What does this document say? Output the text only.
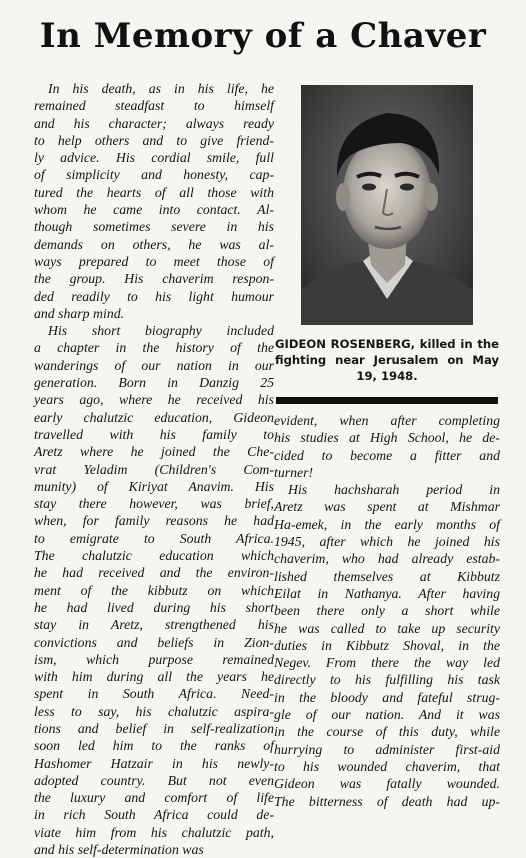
In Memory of a Chaver

GIDEON ROSENBERG, killed in the fighting near Jerusalem on May 19, 1948.

In his death, as in his life, he
remained steadfast to himself
and his character; always ready
to help others and to give friend-
ly advice. His cordial smile, full
of simplicity and honesty, cap-
tured the hearts of all those with
whom he came into contact. Al-
though sometimes severe in his
demands on others, he was al-
ways prepared to meet those of
the group. His chaverim respon-
ded readily to his light humour
and sharp mind.

His short biography included
a chapter in the history of the
wanderings of our nation in our
generation. Born in Danzig 25
years ago, where he received his
early chalutzic education, Gideon
travelled with his family to
Aretz where he joined the Che-
vrat Yeladim (Children's Com-
munity) of Kiriyat Anavim. His
stay there however, was brief,
when, for family reasons he had
to emigrate to South Africa.
The chalutzic education which
he had received and the environ-
ment of the kibbutz on which
he had lived during his short
stay in Aretz, strengthened his
convictions and beliefs in Zion-
ism, which purpose remained
with him during all the years he
spent in South Africa. Need-
less to say, his chalutzic aspira-
tions and belief in self-realization
soon led him to the ranks of
Hashomer Hatzair in his newly-
adopted country. But not even
the luxury and comfort of life
in rich South Africa could de-
viate him from his chalutzic path,
and his self-determination was

evident, when after completing
his studies at High School, he de-
cided to become a fitter and
turner!

His hachsharah period in
Aretz was spent at Mishmar
Ha-emek, in the early months of
1945, after which he joined his
chaverim, who had already estab-
lished themselves at Kibbutz
Eilat in Nathanya. After having
been there only a short while
he was called to take up security
duties in Kibbutz Shoval, in the
Negev. From there the way led
directly to his fulfilling his task
in the bloody and fateful strug-
gle of our nation. And it was
in the course of this duty, while
hurrying to administer first-aid
to his wounded chaverim, that
Gideon was fatally wounded.
The bitterness of death had up-
